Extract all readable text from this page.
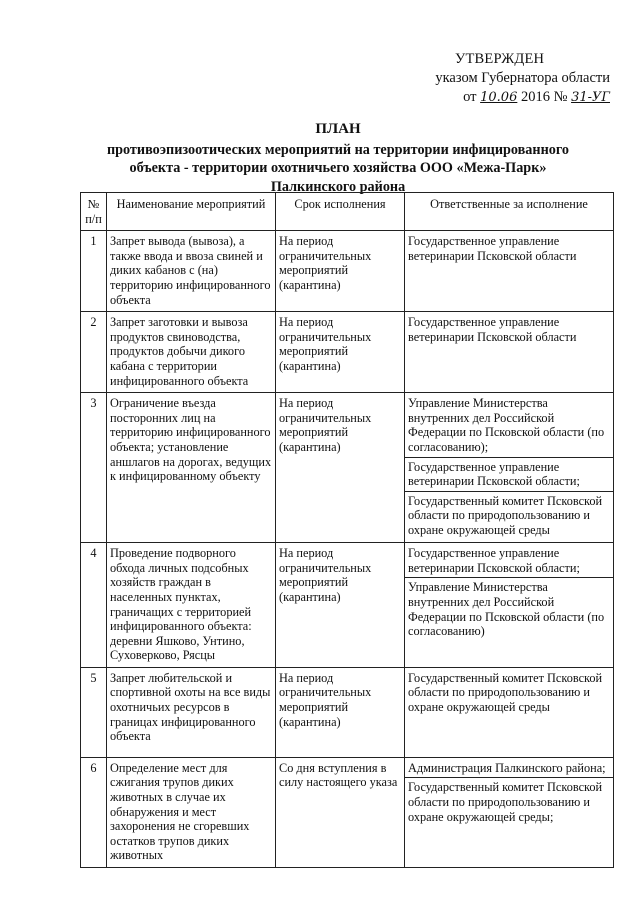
УТВЕРЖДЕН
указом Губернатора области
от 10.06 2016 № 31-УГ
ПЛАН
противоэпизоотических мероприятий на территории инфицированного
объекта - территории охотничьего хозяйства ООО «Межа-Парк»
Палкинского района
№ п/п	Наименование мероприятий	Срок исполнения	Ответственные за исполнение
1	Запрет вывода (вывоза), а также ввода и ввоза свиней и диких кабанов с (на) территорию инфицированного объекта	На период ограничительных мероприятий (карантина)	Государственное управление ветеринарии Псковской области

2	Запрет заготовки и вывоза продуктов свиноводства, продуктов добычи дикого кабана с территории инфицированного объекта	На период ограничительных мероприятий (карантина)	Государственное управление ветеринарии Псковской области

3	Ограничение въезда посторонних лиц на территорию инфицированного объекта; установление аншлагов на дорогах, ведущих к инфицированному объекту	На период ограничительных мероприятий (карантина)	Управление Министерства внутренних дел Российской Федерации по Псковской области (по согласованию);
Государственное управление ветеринарии Псковской области;
Государственный комитет Псковской области по природопользованию и охране окружающей среды

4	Проведение подворного обхода личных подсобных хозяйств граждан в населенных пунктах, граничащих с территорией инфицированного объекта: деревни Яшково, Унтино, Суховерково, Рясцы	На период ограничительных мероприятий (карантина)	Государственное управление ветеринарии Псковской области;
Управление Министерства внутренних дел Российской Федерации по Псковской области (по согласованию)

5	Запрет любительской и спортивной охоты на все виды охотничьих ресурсов в границах инфицированного объекта	На период ограничительных мероприятий (карантина)	Государственный комитет Псковской области по природопользованию и охране окружающей среды

6	Определение мест для сжигания трупов диких животных в случае их обнаружения и мест захоронения не сгоревших остатков трупов диких животных	Со дня вступления в силу настоящего указа	Администрация Палкинского района;
Государственный комитет Псковской области по природопользованию и охране окружающей среды;
